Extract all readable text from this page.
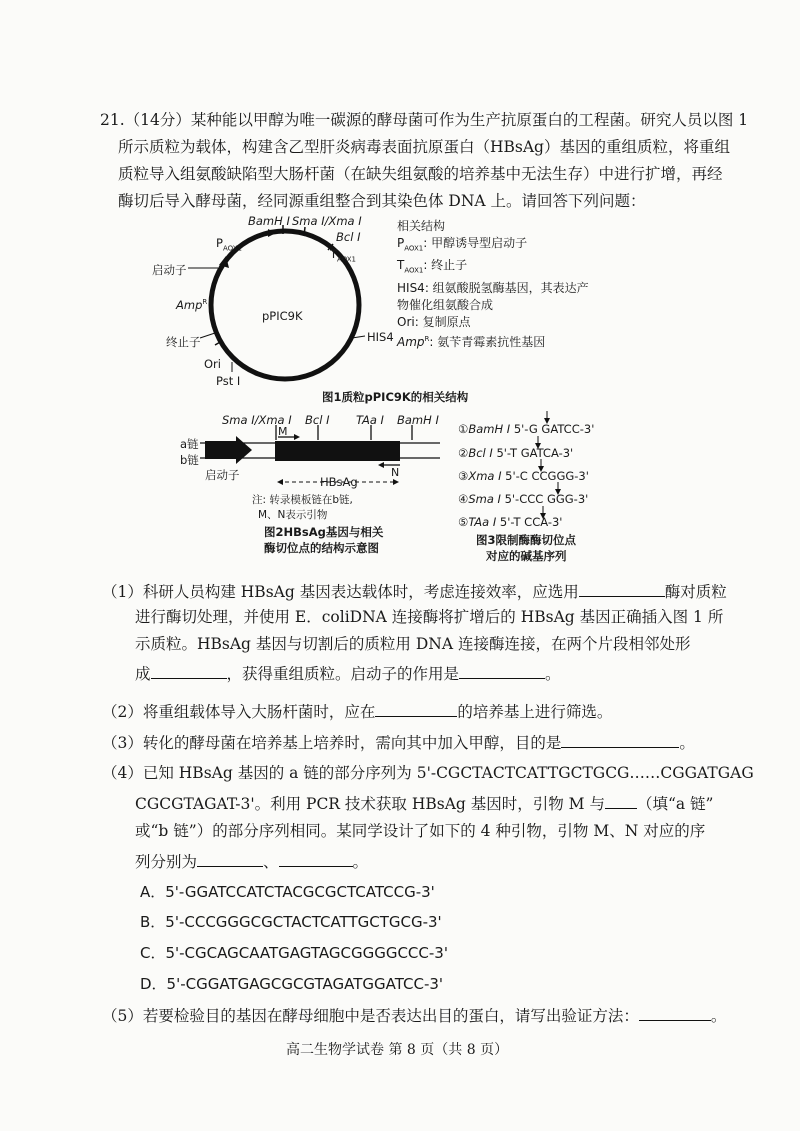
21.（14分）某种能以甲醇为唯一碳源的酵母菌可作为生产抗原蛋白的工程菌。研究人员以图 1
所示质粒为载体，构建含乙型肝炎病毒表面抗原蛋白（HBsAg）基因的重组质粒，将重组
质粒导入组氨酸缺陷型大肠杆菌（在缺失组氨酸的培养基中无法生存）中进行扩增，再经
酶切后导入酵母菌，经同源重组整合到其染色体 DNA 上。请回答下列问题：
BamH Ⅰ Sma Ⅰ/Xma Ⅰ
Bcl Ⅰ
$P_{AOX1}$	$T_{AOX1}$
启动子
Amp$^R$
pPIC9K
终止子
Ori
Pst Ⅰ
HIS4
相关结构
$P_{AOX1}$: 甲醇诱导型启动子
$T_{AOX1}$: 终止子
HIS4: 组氨酸脱氢酶基因，其表达产
物催化组氨酸合成
Ori: 复制原点
Amp$^R$: 氨苄青霉素抗性基因
图1质粒pPIC9K的相关结构
Sma Ⅰ/Xma Ⅰ Bcl Ⅰ TAa Ⅰ BamH Ⅰ
a链
b链
M
N
启动子	HBsAg
注: 转录模板链在b链,
M、N表示引物
图2HBsAg基因与相关
酶切位点的结构示意图
①BamH Ⅰ 5'-G GATCC-3'
②Bcl Ⅰ 5'-T GATCA-3'
③Xma Ⅰ 5'-C CCGGG-3'
④Sma Ⅰ 5'-CCC GGG-3'
⑤TAa Ⅰ 5'-T CCA-3'
图3限制酶酶切位点
对应的碱基序列
（1）科研人员构建 HBsAg 基因表达载体时，考虑连接效率，应选用	酶对质粒
进行酶切处理，并使用 E．coliDNA 连接酶将扩增后的 HBsAg 基因正确插入图 1 所
示质粒。HBsAg 基因与切割后的质粒用 DNA 连接酶连接，在两个片段相邻处形
成	，获得重组质粒。启动子的作用是	。
（2）将重组载体导入大肠杆菌时，应在	的培养基上进行筛选。
（3）转化的酵母菌在培养基上培养时，需向其中加入甲醇，目的是	。
（4）已知 HBsAg 基因的 a 链的部分序列为 5'-CGCTACTCATTGCTGCG……CGGATGAG
CGCGTAGAT-3'。利用 PCR 技术获取 HBsAg 基因时，引物 M 与 （填“a 链”
或“b 链”）的部分序列相同。某同学设计了如下的 4 种引物，引物 M、N 对应的序
列分别为	、	。
A．5'-GGATCCATCTACGCGCTCATCCG-3'
B．5'-CCCGGGCGCTACTCATTGCTGCG-3'
C．5'-CGCAGCAATGAGTAGCGGGGCCC-3'
D．5'-CGGATGAGCGCGTAGATGGATCC-3'
（5）若要检验目的基因在酵母细胞中是否表达出目的蛋白，请写出验证方法：	。
高二生物学试卷 第 8 页（共 8 页）
